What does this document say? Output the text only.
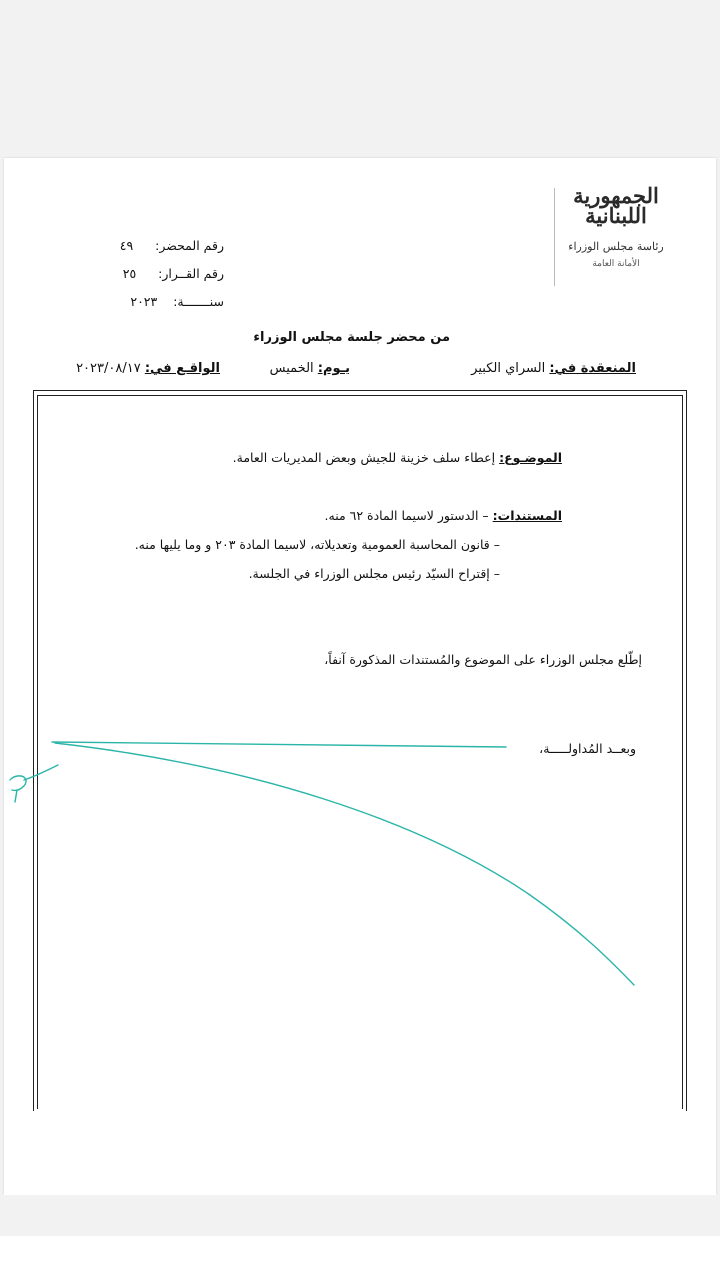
الجمهورية
اللبنانية
رئاسة مجلس الوزراء
الأمانة العامة
رقم المحضر:  ٤٩
رقم القــرار:  ٢٥
سنـــــــة:  ٢٠٢٣
من محضر جلسة مجلس الوزراء
المنعقدة في: السراي الكبير
يـوم: الخميس
الواقـع في: ٢٠٢٣/٠٨/١٧
الموضـوع: إعطاء سلف خزينة للجيش وبعض المديريات العامة.
المستندات: – الدستور لاسيما المادة ٦٢ منه.
– قانون المحاسبة العمومية وتعديلاته، لاسيما المادة ٢٠٣ و وما يليها منه.
– إقتراح السيّد رئيس مجلس الوزراء في الجلسة.
إطّلع مجلس الوزراء على الموضوع والمُستندات المذكورة آنفاً،
وبعــد المُداولـــــة،
